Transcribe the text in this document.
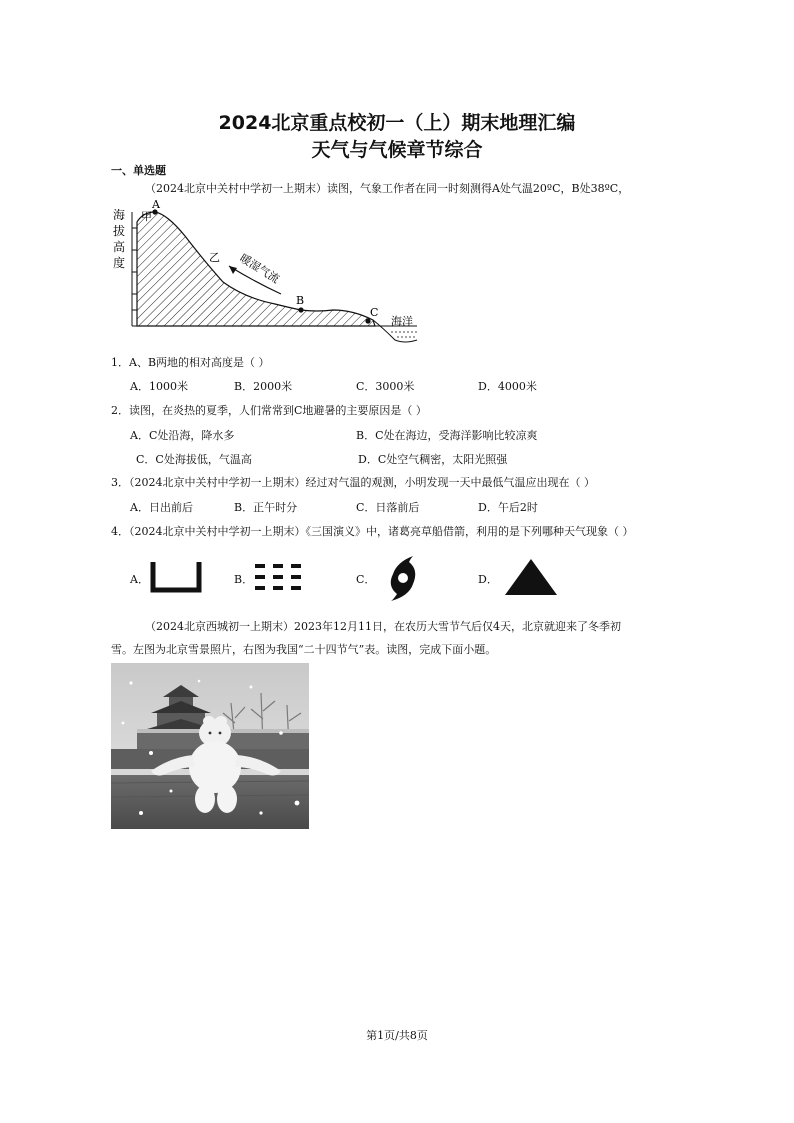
2024北京重点校初一（上）期末地理汇编
天气与气候章节综合
一、单选题
（2024北京中关村中学初一上期末）读图，气象工作者在同一时刻测得A处气温20ºC，B处38ºC，
海
拔
高
度
甲
A
乙
B
C
海洋
暖湿气流
1．A、B两地的相对高度是（ ）
A．1000米	B．2000米	C．3000米	D．4000米
2．读图，在炎热的夏季，人们常常到C地避暑的主要原因是（ ）
A．C处沿海，降水多	B．C处在海边，受海洋影响比较凉爽
C．C处海拔低，气温高	D．C处空气稠密，太阳光照强
3．（2024北京中关村中学初一上期末）经过对气温的观测，小明发现一天中最低气温应出现在（ ）
A．日出前后	B．正午时分	C．日落前后	D．午后2时
4．（2024北京中关村中学初一上期末）《三国演义》中，诸葛亮草船借箭，利用的是下列哪种天气现象（ ）
A．	B．	C．	D．
（2024北京西城初一上期末）2023年12月11日，在农历大雪节气后仅4天，北京就迎来了冬季初
雪。左图为北京雪景照片，右图为我国“二十四节气”表。读图，完成下面小题。
第1页/共8页
